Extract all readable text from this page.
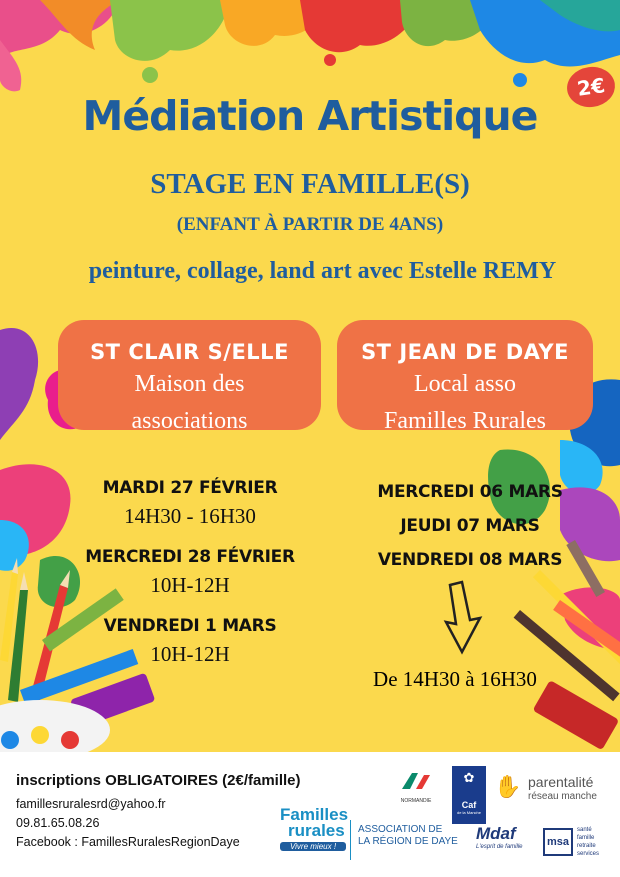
Médiation Artistique
2€
STAGE EN FAMILLE(S)
(ENFANT À PARTIR DE 4ANS)
peinture, collage, land art avec Estelle REMY
ST CLAIR S/ELLE
Maison des
associations
ST JEAN DE DAYE
Local asso
Familles Rurales
MARDI 27 FÉVRIER
14H30 - 16H30
MERCREDI 28 FÉVRIER
10H-12H
VENDREDI 1 MARS
10H-12H
MERCREDI 06 MARS
JEUDI 07 MARS
VENDREDI 08 MARS
De 14H30 à 16H30
inscriptions OBLIGATOIRES (2€/famille)
famillesruralesrd@yahoo.fr
09.81.65.08.26
Facebook : FamillesRuralesRegionDaye
NORMANDIE
✿
Caf
de la Manche
✋ parentalité
réseau manche
Familles
rurales
Vivre mieux !
ASSOCIATION DE
LA RÉGION DE DAYE Mdaf
L'esprit de famille	msa
santé
famille
retraite
services
